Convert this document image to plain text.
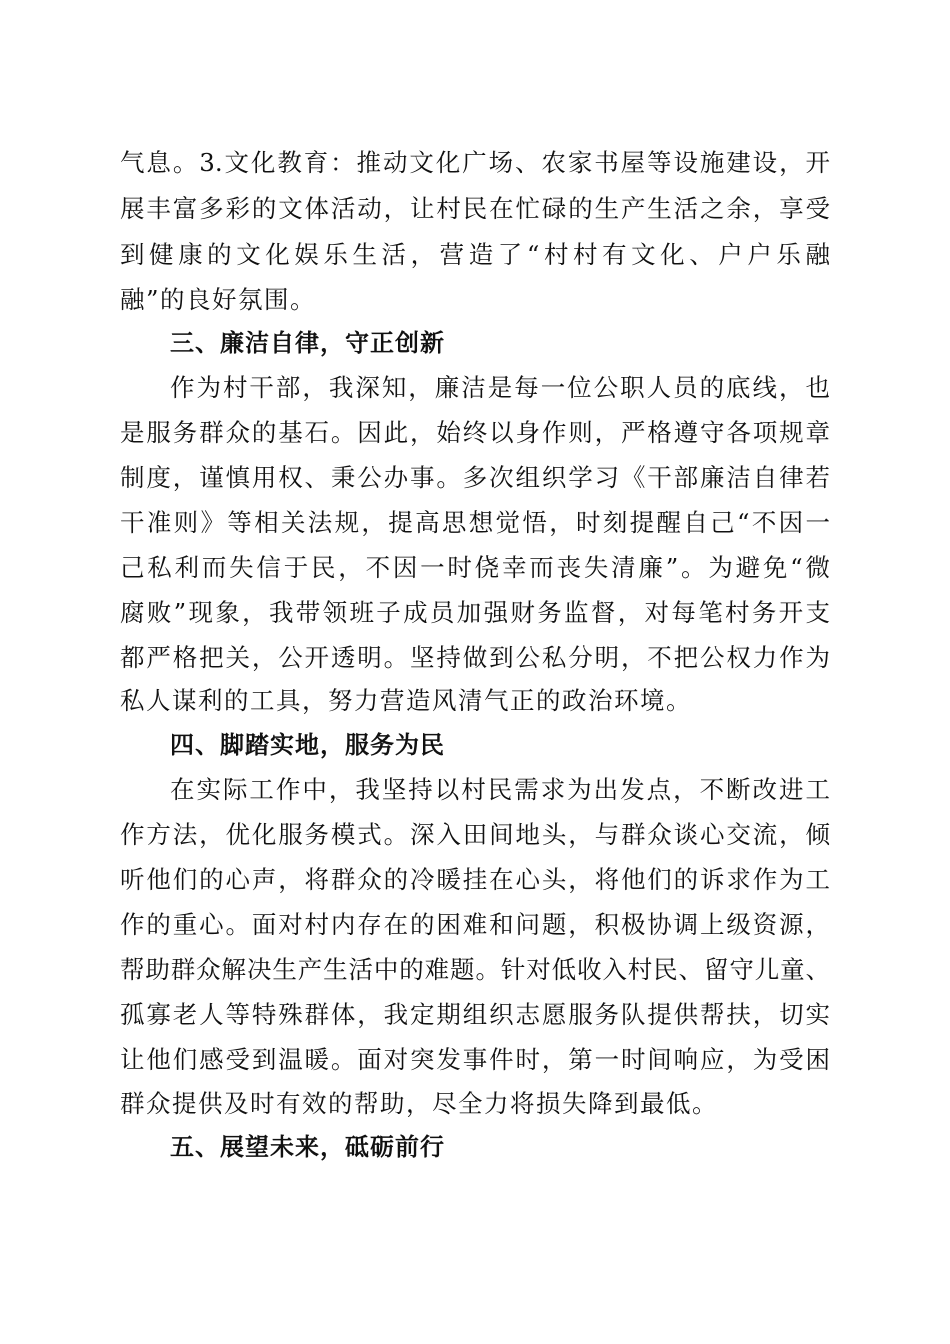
气息。3.文化教育：推动文化广场、农家书屋等设施建设，开
展丰富多彩的文体活动，让村民在忙碌的生产生活之余，享受
到健康的文化娱乐生活，营造了“村村有文化、户户乐融
融”的良好氛围。
三、廉洁自律，守正创新
作为村干部，我深知，廉洁是每一位公职人员的底线，也
是服务群众的基石。因此，始终以身作则，严格遵守各项规章
制度，谨慎用权、秉公办事。多次组织学习《干部廉洁自律若
干准则》等相关法规，提高思想觉悟，时刻提醒自己“不因一
己私利而失信于民，不因一时侥幸而丧失清廉”。为避免“微
腐败”现象，我带领班子成员加强财务监督，对每笔村务开支
都严格把关，公开透明。坚持做到公私分明，不把公权力作为
私人谋利的工具，努力营造风清气正的政治环境。
四、脚踏实地，服务为民
在实际工作中，我坚持以村民需求为出发点，不断改进工
作方法，优化服务模式。深入田间地头，与群众谈心交流，倾
听他们的心声，将群众的冷暖挂在心头，将他们的诉求作为工
作的重心。面对村内存在的困难和问题，积极协调上级资源，
帮助群众解决生产生活中的难题。针对低收入村民、留守儿童、
孤寡老人等特殊群体，我定期组织志愿服务队提供帮扶，切实
让他们感受到温暖。面对突发事件时，第一时间响应，为受困
群众提供及时有效的帮助，尽全力将损失降到最低。
五、展望未来，砥砺前行
